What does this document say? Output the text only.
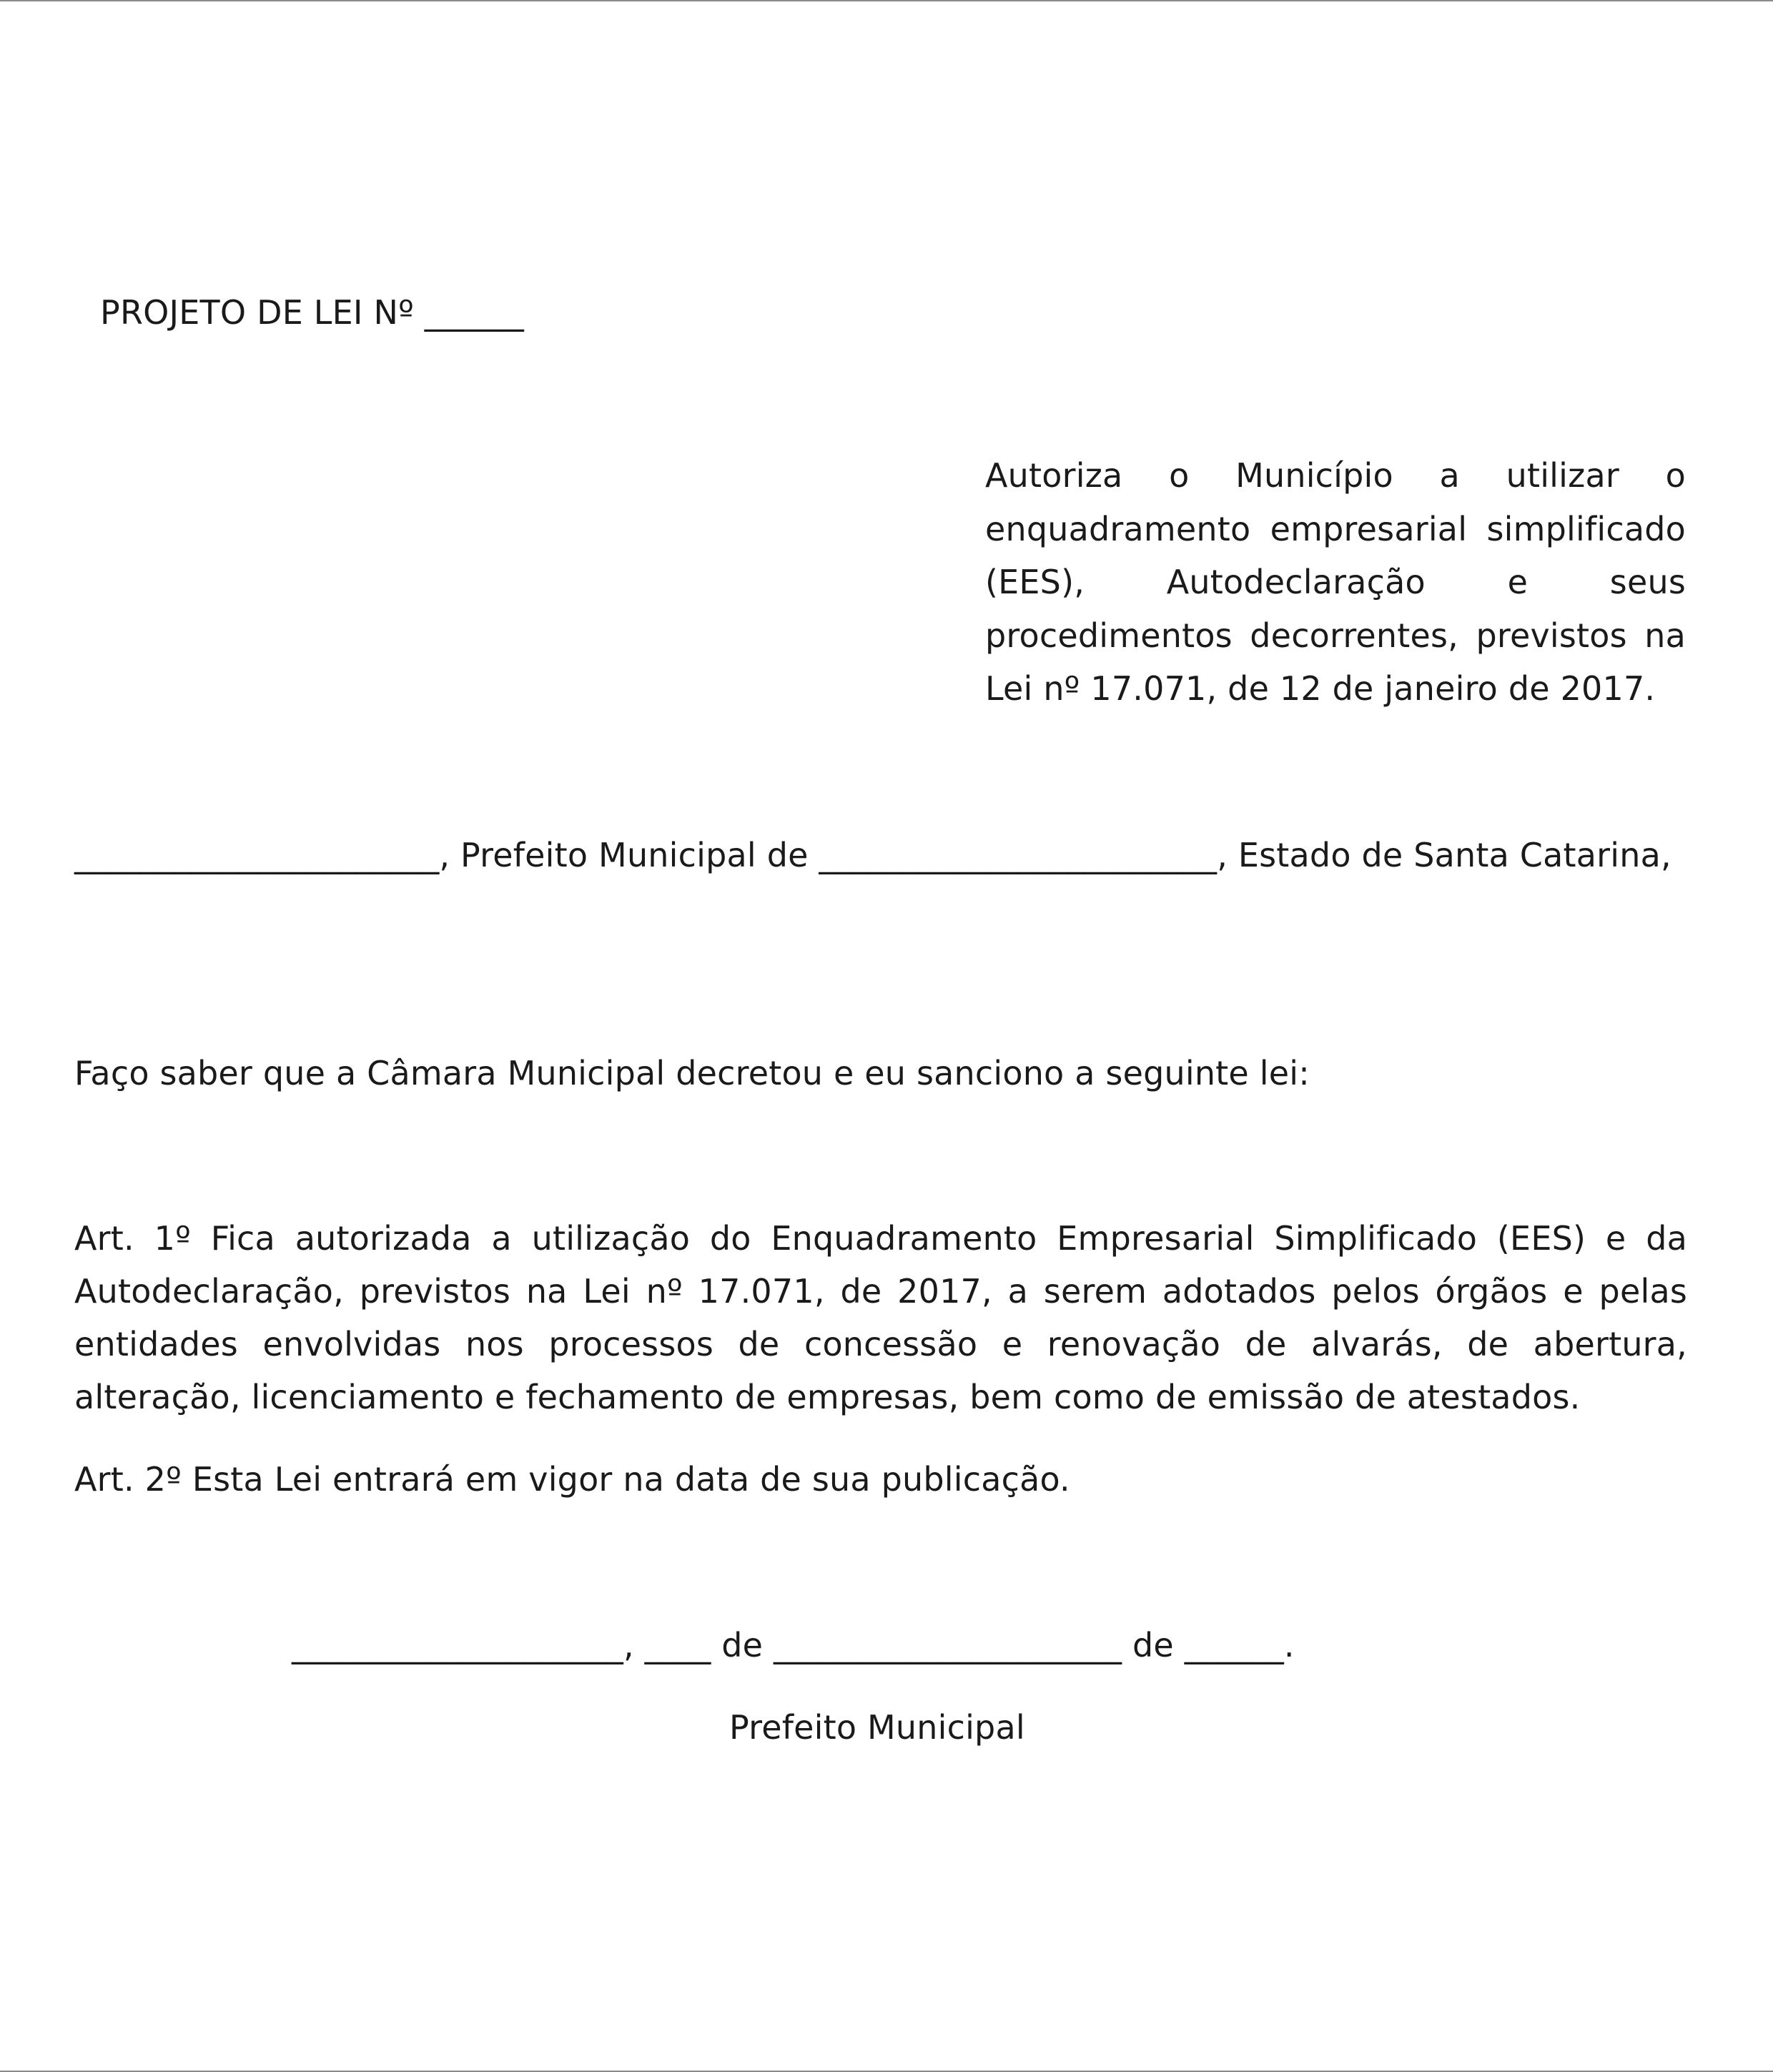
PROJETO DE LEI Nº ______
Autoriza o Município a utilizar o enquadramento empresarial simplificado (EES), Autodeclaração e seus procedimentos decorrentes, previstos na Lei nº 17.071, de 12 de janeiro de 2017.
______________________, Prefeito Municipal de ________________________, Estado de Santa Catarina,
Faço saber que a Câmara Municipal decretou e eu sanciono a seguinte lei:
Art. 1º Fica autorizada a utilização do Enquadramento Empresarial Simplificado (EES) e da Autodeclaração, previstos na Lei nº 17.071, de 2017, a serem adotados pelos órgãos e pelas entidades envolvidas nos processos de concessão e renovação de alvarás, de abertura, alteração, licenciamento e fechamento de empresas, bem como de emissão de atestados.
Art. 2º Esta Lei entrará em vigor na data de sua publicação.
____________________, ____ de _____________________ de ______.
Prefeito Municipal
